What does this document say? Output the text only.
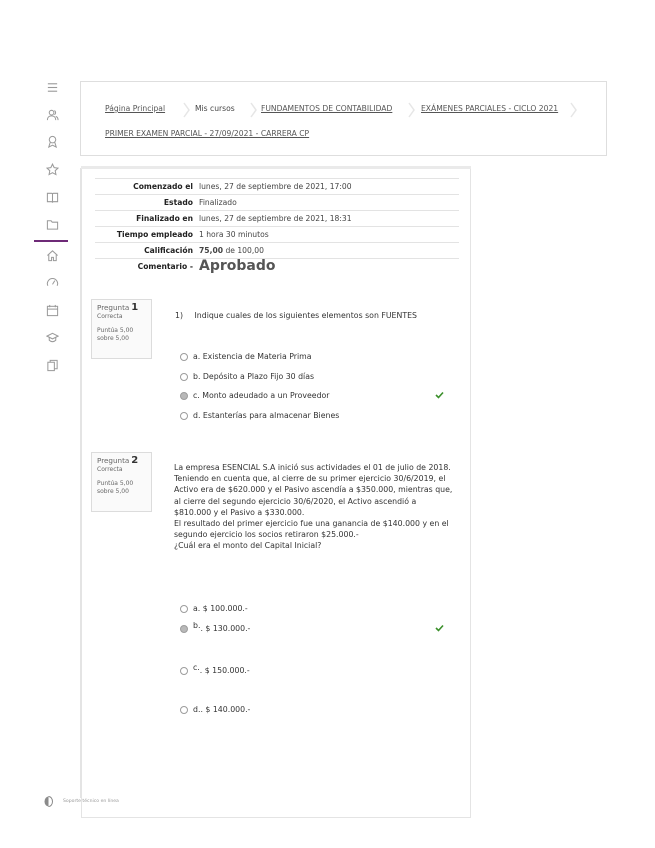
Página Principal	Mis cursos	FUNDAMENTOS DE CONTABILIDAD	EXÁMENES PARCIALES - CICLO 2021
PRIMER EXAMEN PARCIAL - 27/09/2021 - CARRERA CP
Comenzado el	lunes, 27 de septiembre de 2021, 17:00
Estado	Finalizado
Finalizado en	lunes, 27 de septiembre de 2021, 18:31
Tiempo empleado	1 hora 30 minutos
Calificación	75,00 de 100,00
Comentario -	Aprobado
Pregunta 1
Correcta
Puntúa 5,00
sobre 5,00
1) Indique cuales de los siguientes elementos son FUENTES
a. Existencia de Materia Prima
b. Depósito a Plazo Fijo 30 días
c. Monto adeudado a un Proveedor
d. Estanterías para almacenar Bienes
Pregunta 2
Correcta
Puntúa 5,00
sobre 5,00
La empresa ESENCIAL S.A inició sus actividades el 01 de julio de 2018. Teniendo en cuenta que, al cierre de su primer ejercicio 30/6/2019, el Activo era de $620.000 y el Pasivo ascendía a $350.000, mientras que, al cierre del segundo ejercicio 30/6/2020, el Activo ascendió a $810.000 y el Pasivo a $330.000.
El resultado del primer ejercicio fue una ganancia de $140.000 y en el segundo ejercicio los socios retiraron $25.000.-
¿Cuál era el monto del Capital Inicial?
a.
$ 100.000.-
b. . $ 130.000.-
c. . $ 150.000.-
d. . $ 140.000.-
Soporte técnico en línea
